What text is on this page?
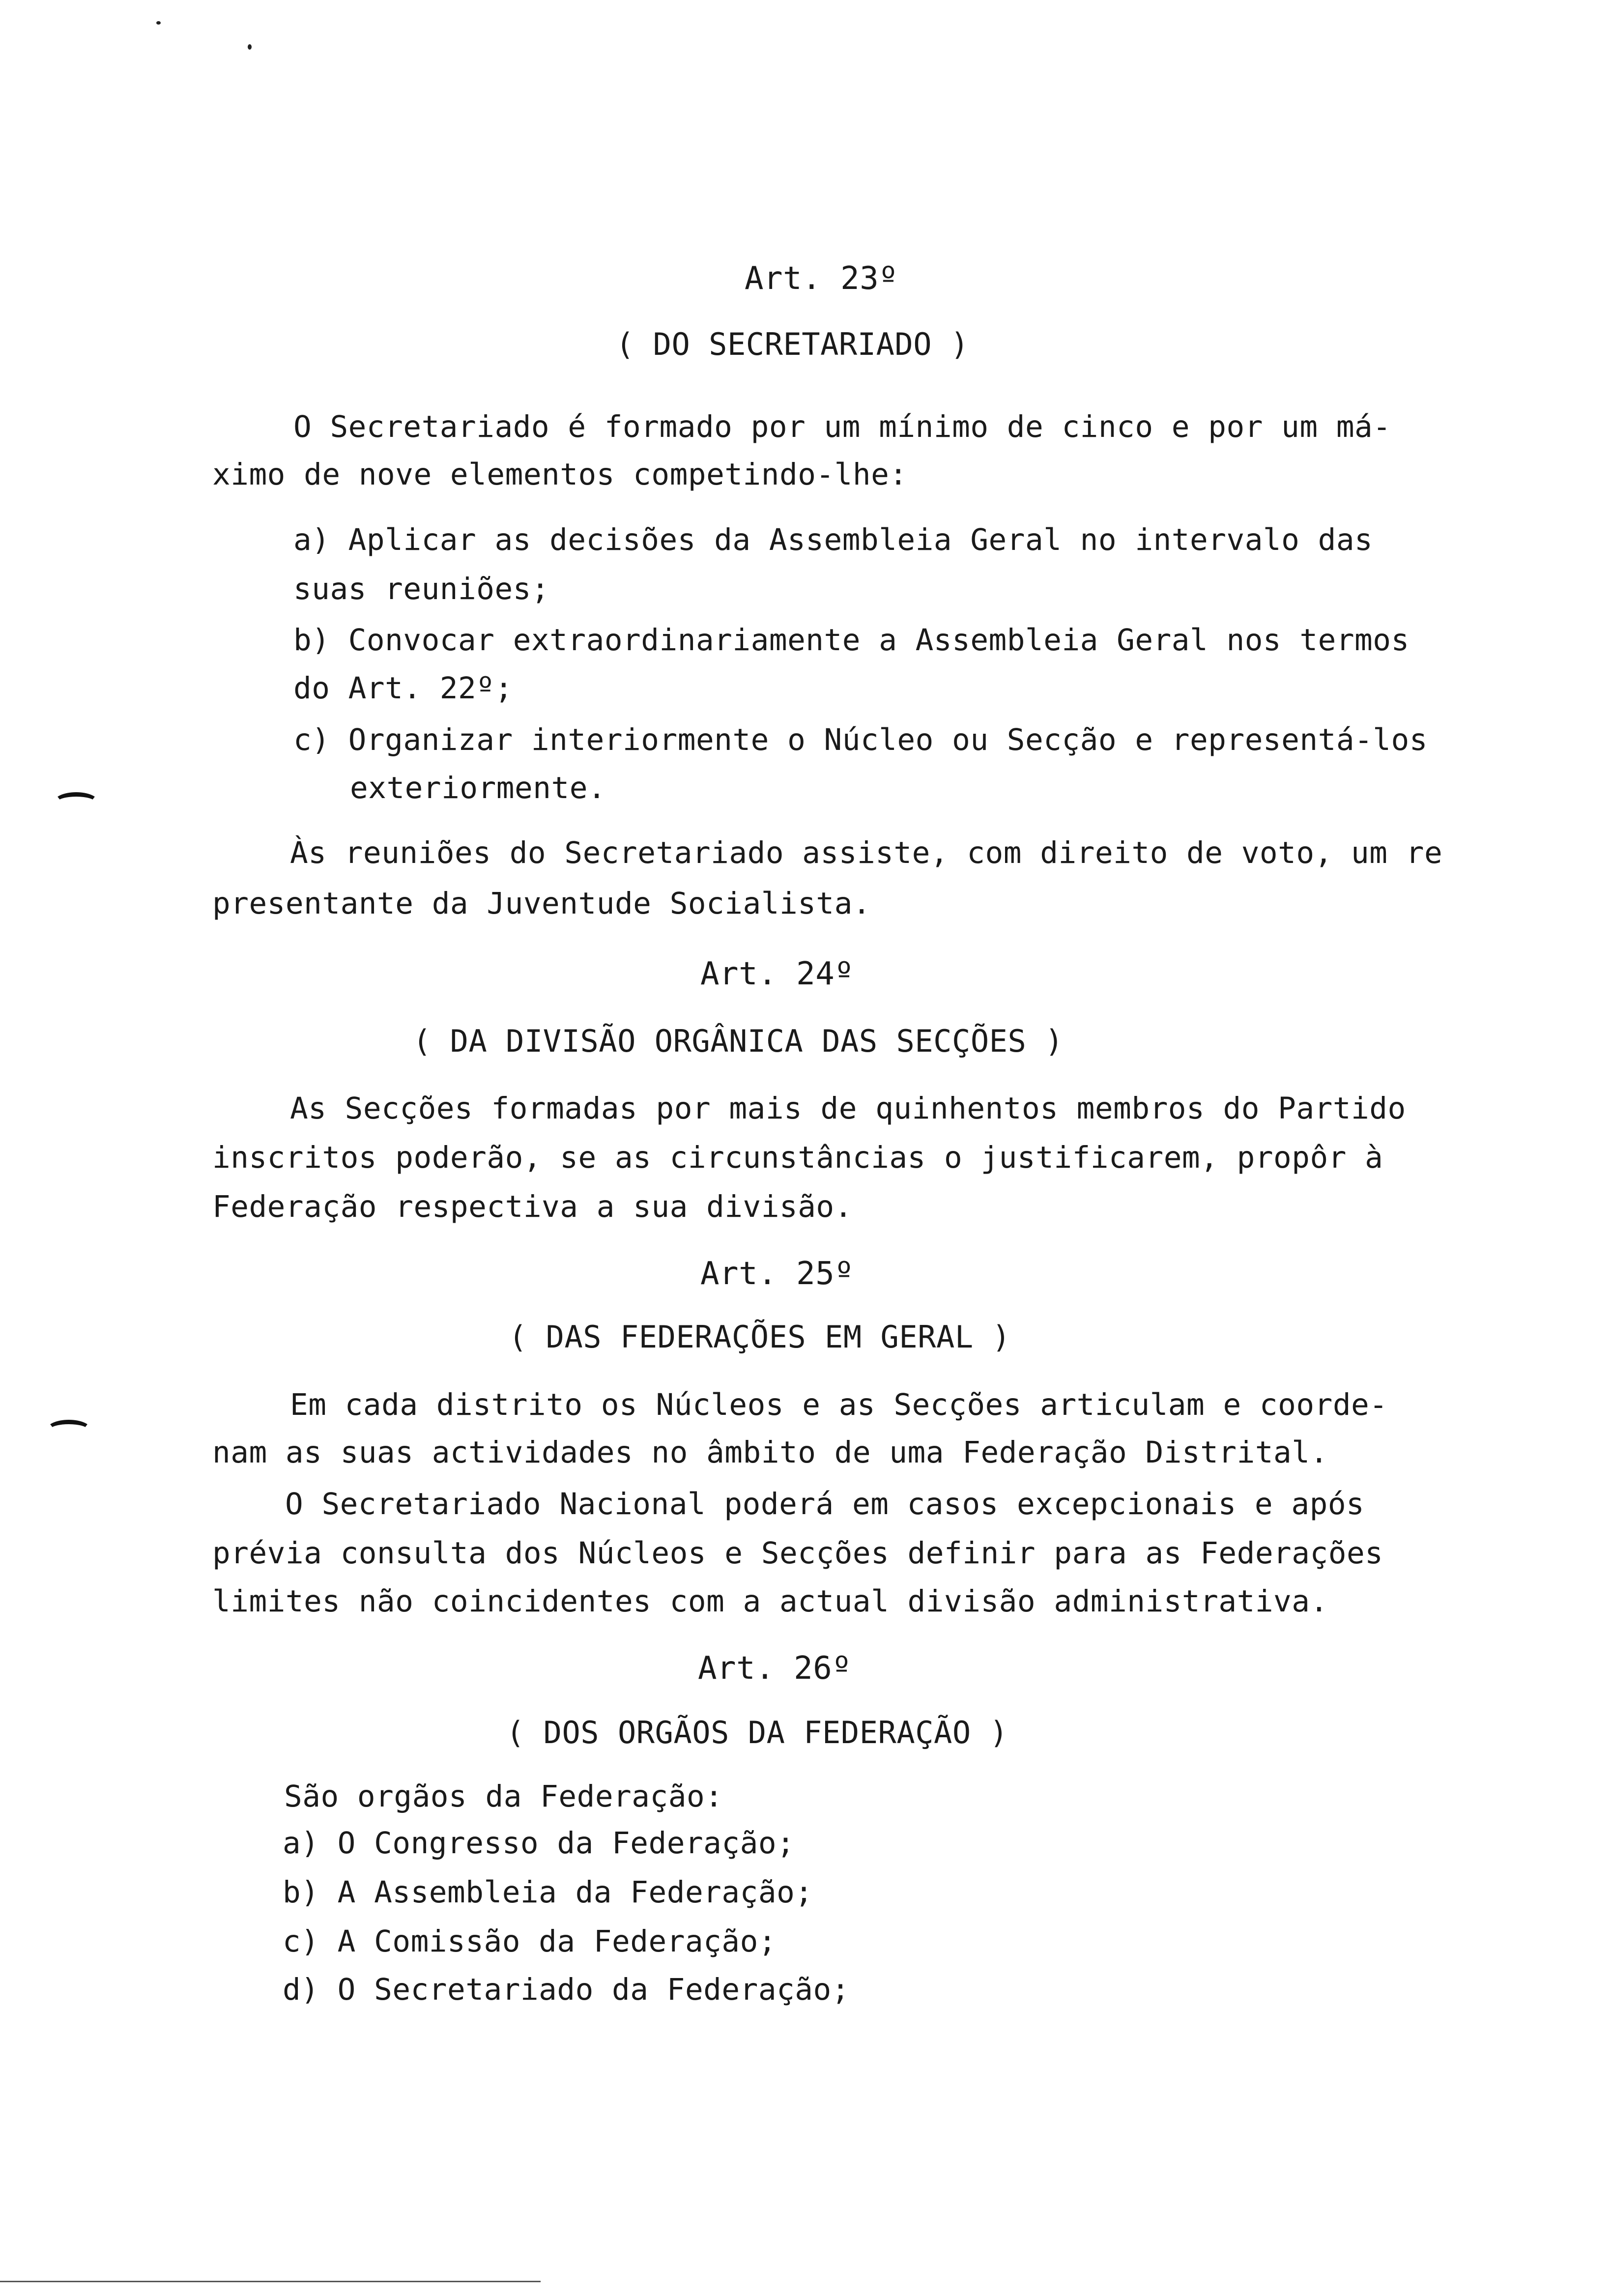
Art. 23º
( DO SECRETARIADO )
O Secretariado é formado por um mínimo de cinco e por um má-
ximo de nove elementos competindo-lhe:
a) Aplicar as decisões da Assembleia Geral no intervalo das
suas reuniões;
b) Convocar extraordinariamente a Assembleia Geral nos termos
do Art. 22º;
c) Organizar interiormente o Núcleo ou Secção e representá-los
exteriormente.
Às reuniões do Secretariado assiste, com direito de voto, um re
presentante da Juventude Socialista.
Art. 24º
( DA DIVISÃO ORGÂNICA DAS SECÇÕES )
As Secções formadas por mais de quinhentos membros do Partido
inscritos poderão, se as circunstâncias o justificarem, propôr à
Federação respectiva a sua divisão.
Art. 25º
( DAS FEDERAÇÕES EM GERAL )
Em cada distrito os Núcleos e as Secções articulam e coorde-
nam as suas actividades no âmbito de uma Federação Distrital.
O Secretariado Nacional poderá em casos excepcionais e após
prévia consulta dos Núcleos e Secções definir para as Federações
limites não coincidentes com a actual divisão administrativa.
Art. 26º
( DOS ORGÃOS DA FEDERAÇÃO )
São orgãos da Federação:
a) O Congresso da Federação;
b) A Assembleia da Federação;
c) A Comissão da Federação;
d) O Secretariado da Federação;
